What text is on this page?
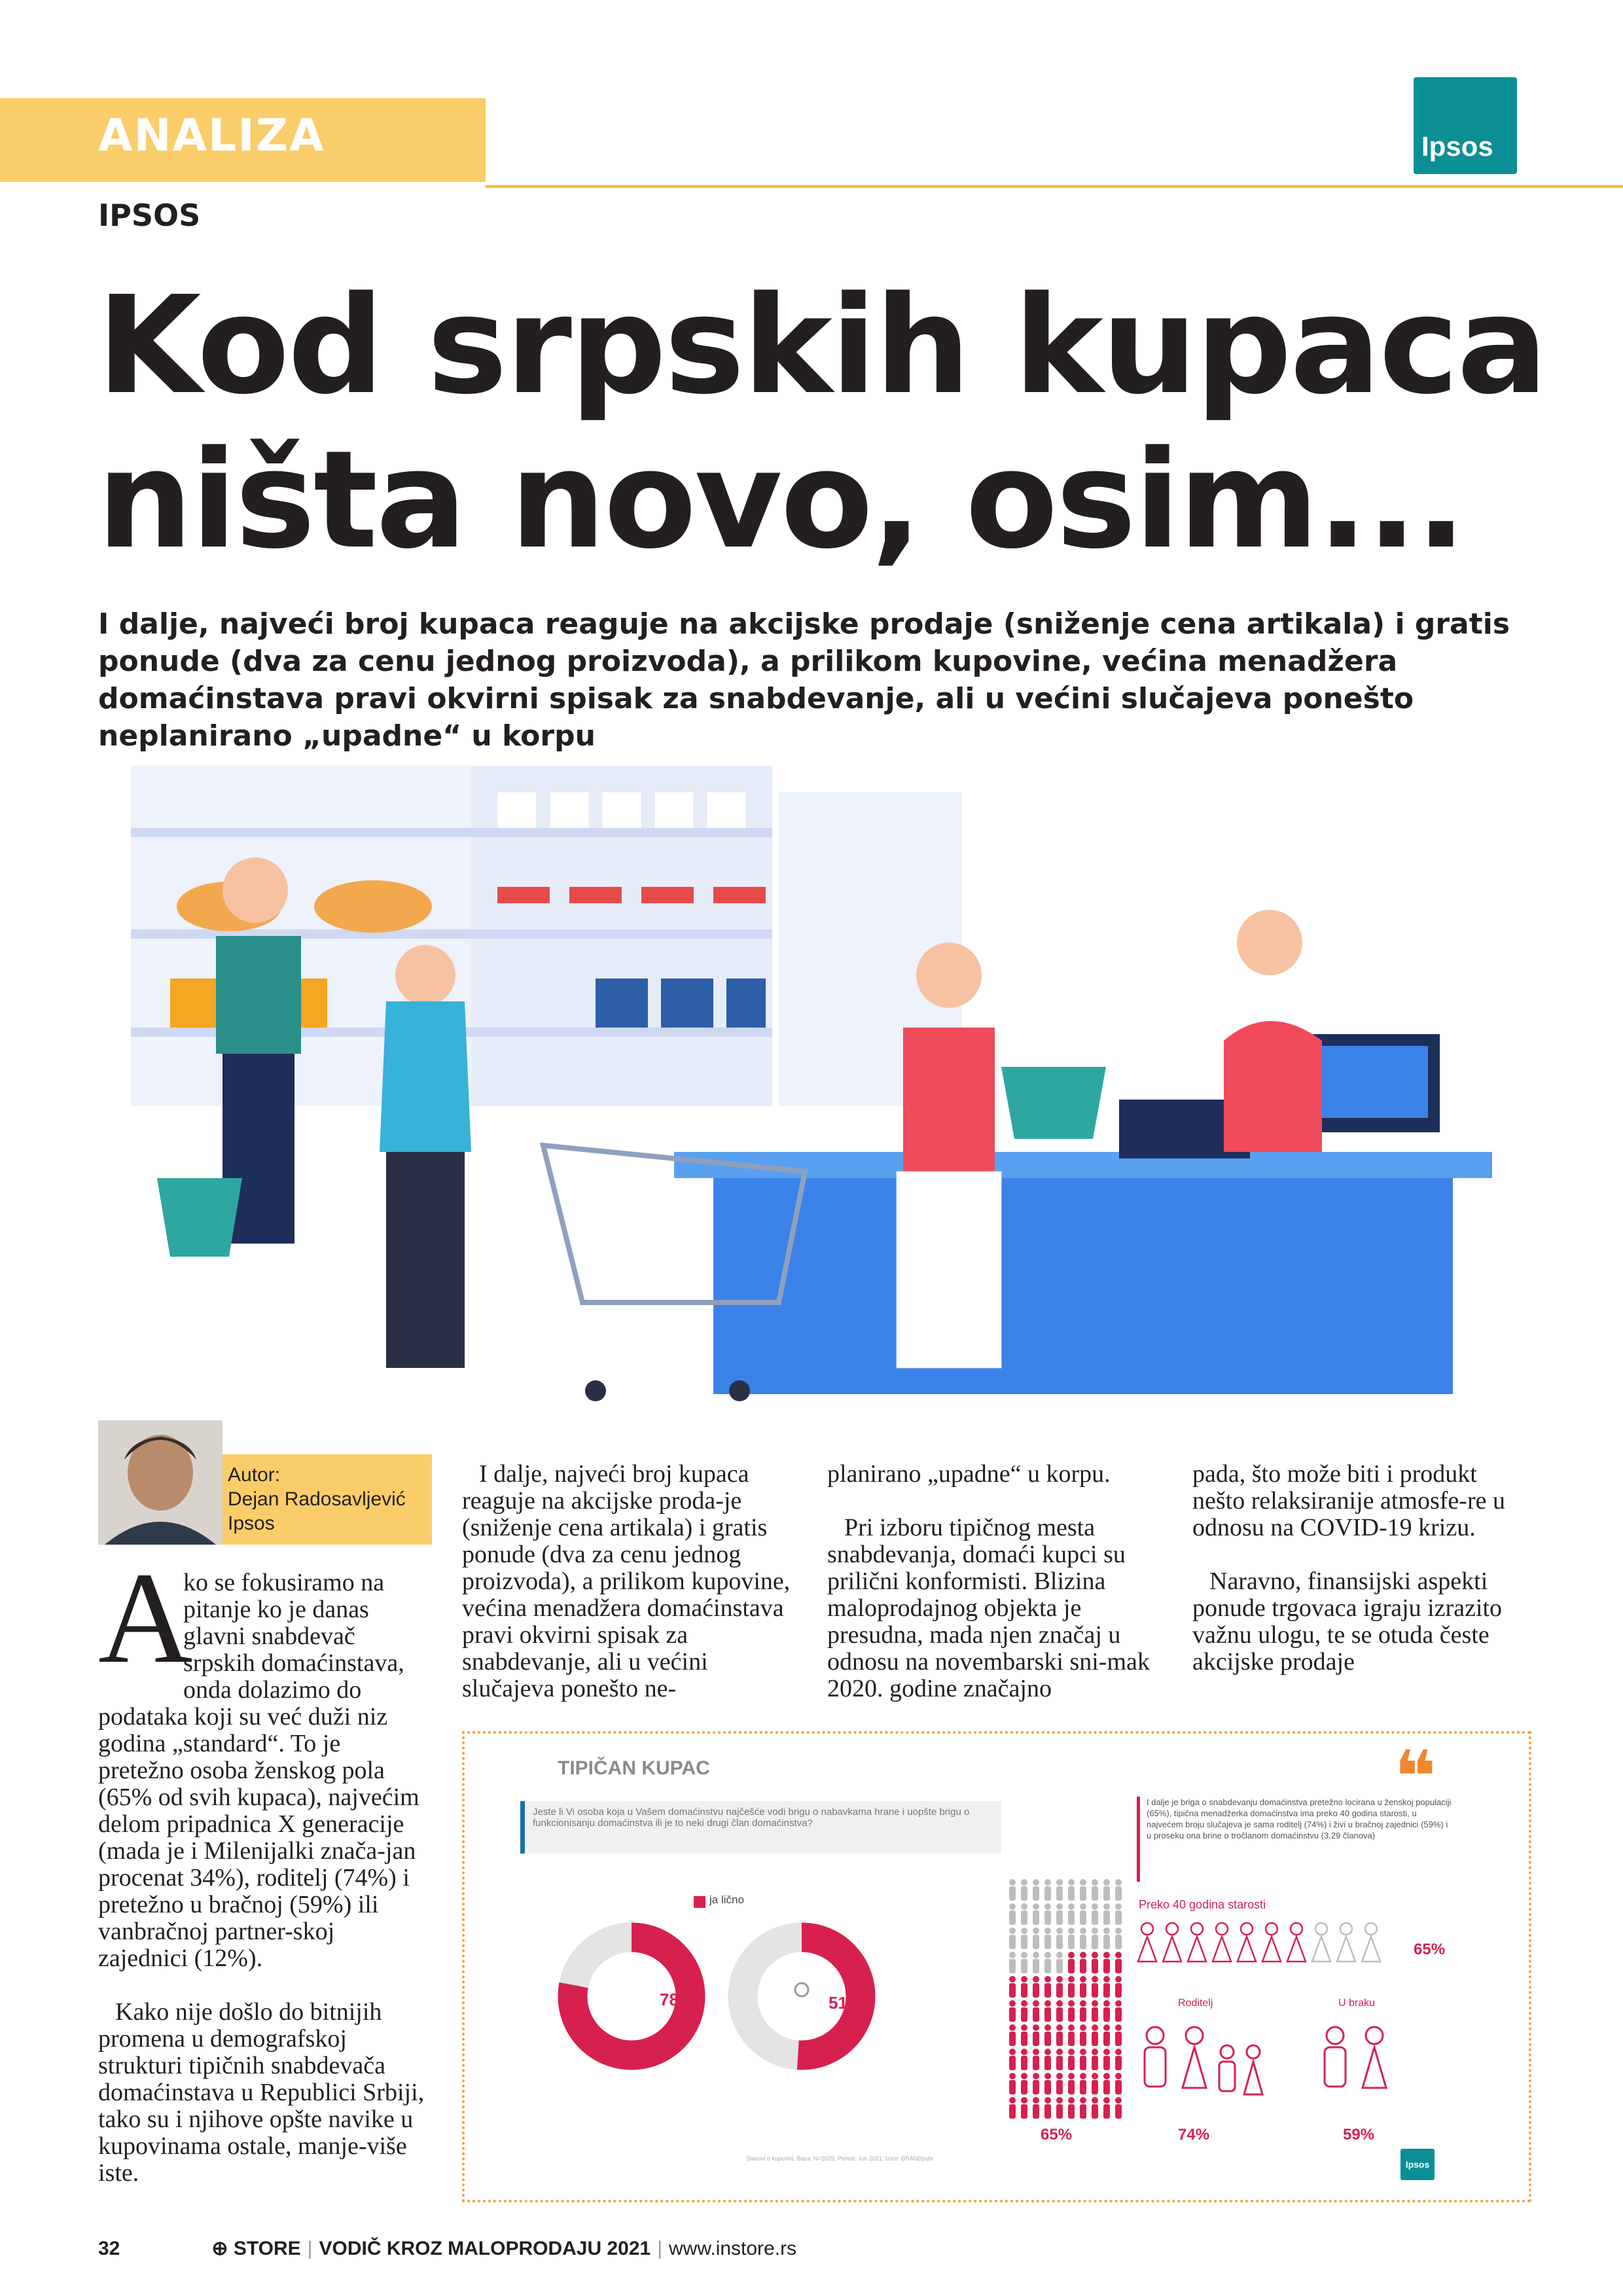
ANALIZA	Ipsos
IPSOS
Kod srpskih kupaca
ništa novo, osim...
I dalje, najveći broj kupaca reaguje na akcijske prodaje (sniženje cena artikala) i gratis ponude (dva za cenu jednog proizvoda), a prilikom kupovine, većina menadžera domaćinstava pravi okvirni spisak za snabdevanje, ali u većini slučajeva ponešto neplanirano „upadne“ u korpu
Autor:
Dejan Radosavljević
Ipsos
A

ko se fokusiramo na pitanje ko je danas glavni snabdevač srpskih domaćinstava, onda dolazimo do podataka koji su već duži niz godina „standard“. To je pretežno osoba ženskog pola (65% od svih kupaca), najvećim delom pripadnica X generacije (mada je i Milenijalki znača-jan procenat 34%), roditelj (74%) i pretežno u bračnoj (59%) ili vanbračnoj partner-skoj zajednici (12%).

Kako nije došlo do bitnijih promena u demografskoj strukturi tipičnih snabdevača domaćinstava u Republici Srbiji, tako su i njihove opšte navike u kupovinama ostale, manje-više iste.

I dalje, najveći broj kupaca reaguje na akcijske proda-je (sniženje cena artikala) i gratis ponude (dva za cenu jednog proizvoda), a prilikom kupovine, većina menadžera domaćinstava pravi okvirni spisak za snabdevanje, ali u većini slučajeva ponešto ne-

planirano „upadne“ u korpu.

Pri izboru tipičnog mesta snabdevanja, domaći kupci su prilični konformisti. Blizina maloprodajnog objekta je presudna, mada njen značaj u odnosu na novembarski sni-mak 2020. godine značajno

pada, što može biti i produkt nešto relaksiranije atmosfe-re u odnosu na COVID-19 krizu.

Naravno, finansijski aspekti ponude trgovaca igraju izrazito važnu ulogu, te se otuda česte akcijske prodaje

TIPIČAN KUPAC
Jeste li Vi osoba koja u Vašem domaćinstvu najčešće vodi brigu o nabavkama hrane i uopšte brigu o funkcionisanju domaćinstva ili je to neki drugi član domaćinstva?
ja lično
78%	51%
65%
❝
I dalje je briga o snabdevanju domaćinstva pretežno locirana u ženskoj populaciji (65%), tipična menadžerka domaćinstva ima preko 40 godina starosti, u najvećem broju slučajeva je sama roditelj (74%) i živi u bračnoj zajednici (59%) i u proseku ona brine o tročlanom domaćinstvu (3.29 članova)
Preko 40 godina starosti
65%
Roditelj	U braku
74%	59%
Stavovi o kupovini, Baza: N=2025; Period: Jun 2021; Izvor: BRANDpuls
Ipsos
32	⊕ STORE | VODIČ KROZ MALOPRODAJU 2021 | www.instore.rs
